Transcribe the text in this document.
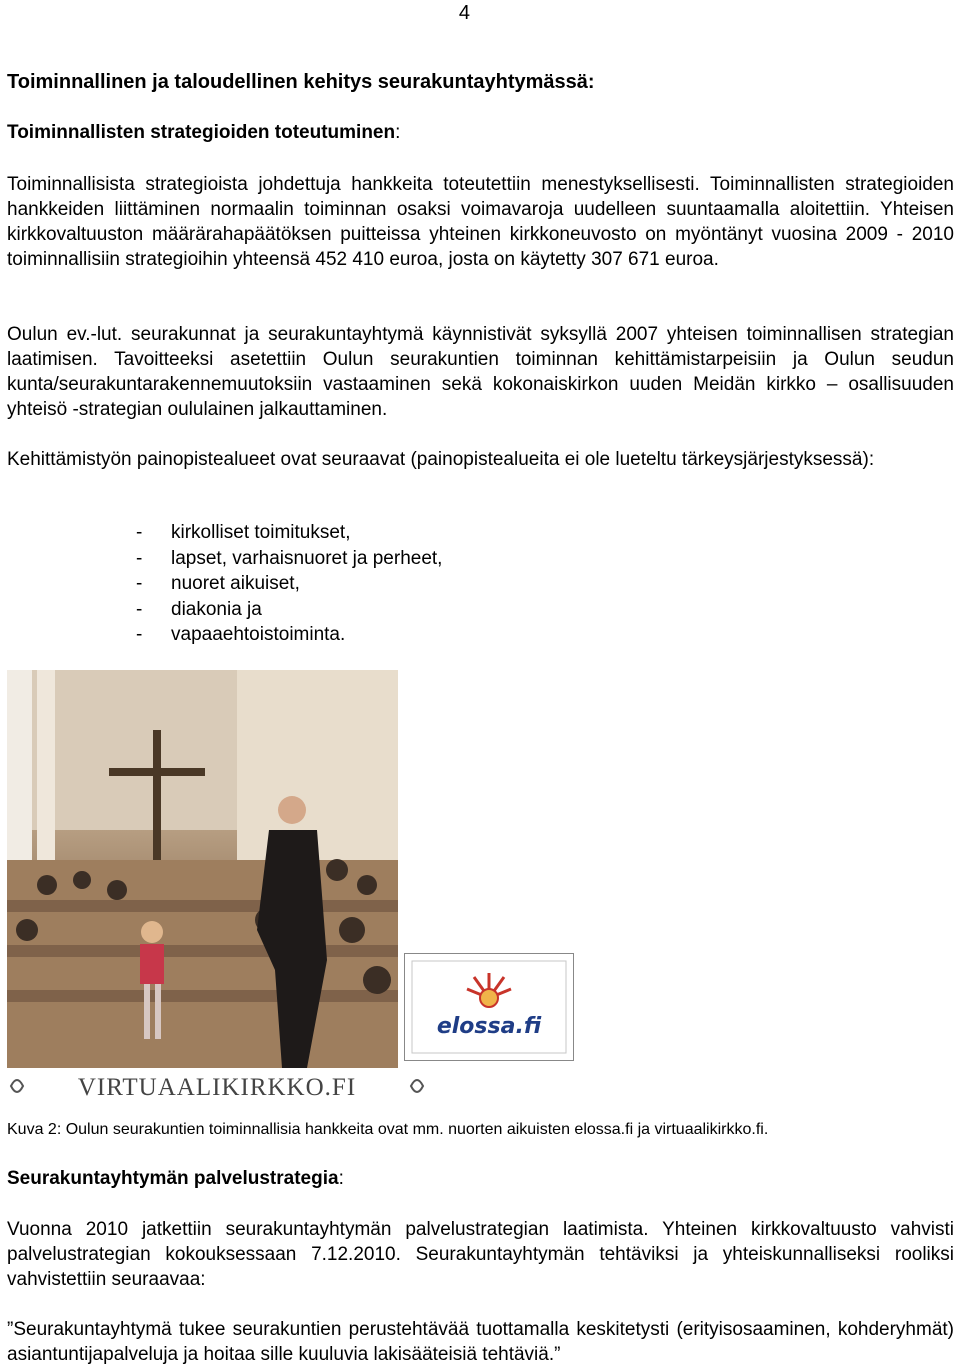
4
Toiminnallinen ja taloudellinen kehitys seurakuntayhtymässä:
Toiminnallisten strategioiden toteutuminen:

Toiminnallisista strategioista johdettuja hankkeita toteutettiin menestyksellisesti. Toiminnallisten strategioiden hankkeiden liittäminen normaalin toiminnan osaksi voimavaroja uudelleen suuntaamalla aloitettiin. Yhteisen kirkkovaltuuston määrärahapäätöksen puitteissa yhteinen kirkkoneuvosto on myöntänyt vuosina 2009 - 2010 toiminnallisiin strategioihin yhteensä 452 410 euroa, josta on käytetty 307 671 euroa.

Oulun ev.-lut. seurakunnat ja seurakuntayhtymä käynnistivät syksyllä 2007 yhteisen toiminnallisen strategian laatimisen. Tavoitteeksi asetettiin Oulun seurakuntien toiminnan kehittämistarpeisiin ja Oulun seudun kunta/seurakuntarakennemuutoksiin vastaaminen sekä kokonaiskirkon uuden Meidän kirkko – osallisuuden yhteisö -strategian oululainen jalkauttaminen.

Kehittämistyön painopistealueet ovat seuraavat (painopistealueita ei ole lueteltu tärkeysjärjestyksessä):

- kirkolliset toimitukset,
- lapset, varhaisnuoret ja perheet,
- nuoret aikuiset,
- diakonia ja
- vapaaehtoistoiminta.
VIRTUAALIKIRKKO.FI
elossa.fi
Kuva 2: Oulun seurakuntien toiminnallisia hankkeita ovat mm. nuorten aikuisten elossa.fi ja virtuaalikirkko.fi.
Seurakuntayhtymän palvelustrategia:

Vuonna 2010 jatkettiin seurakuntayhtymän palvelustrategian laatimista. Yhteinen kirkkovaltuusto vahvisti palvelustrategian kokouksessaan 7.12.2010. Seurakuntayhtymän tehtäviksi ja yhteiskunnalliseksi rooliksi vahvistettiin seuraavaa:

”Seurakuntayhtymä tukee seurakuntien perustehtävää tuottamalla keskitetysti (erityisosaaminen, kohderyhmät) asiantuntijapalveluja ja hoitaa sille kuuluvia lakisääteisiä tehtäviä.”
